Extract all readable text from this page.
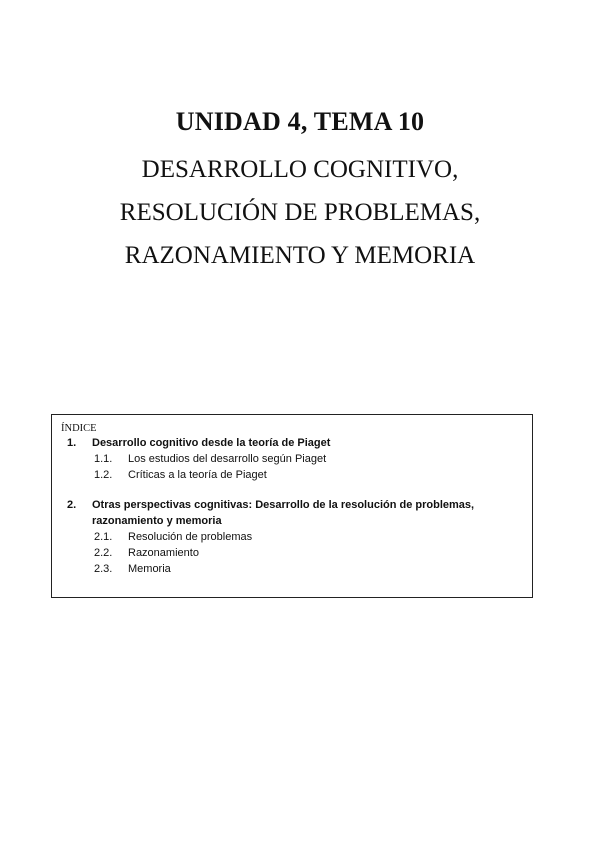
UNIDAD 4, TEMA 10
DESARROLLO COGNITIVO,
RESOLUCIÓN DE PROBLEMAS,
RAZONAMIENTO Y MEMORIA
ÍNDICE
1. Desarrollo cognitivo desde la teoría de Piaget
1.1. Los estudios del desarrollo según Piaget
1.2. Críticas a la teoría de Piaget
2. Otras perspectivas cognitivas: Desarrollo de la resolución de problemas, razonamiento y memoria
2.1. Resolución de problemas
2.2. Razonamiento
2.3. Memoria
